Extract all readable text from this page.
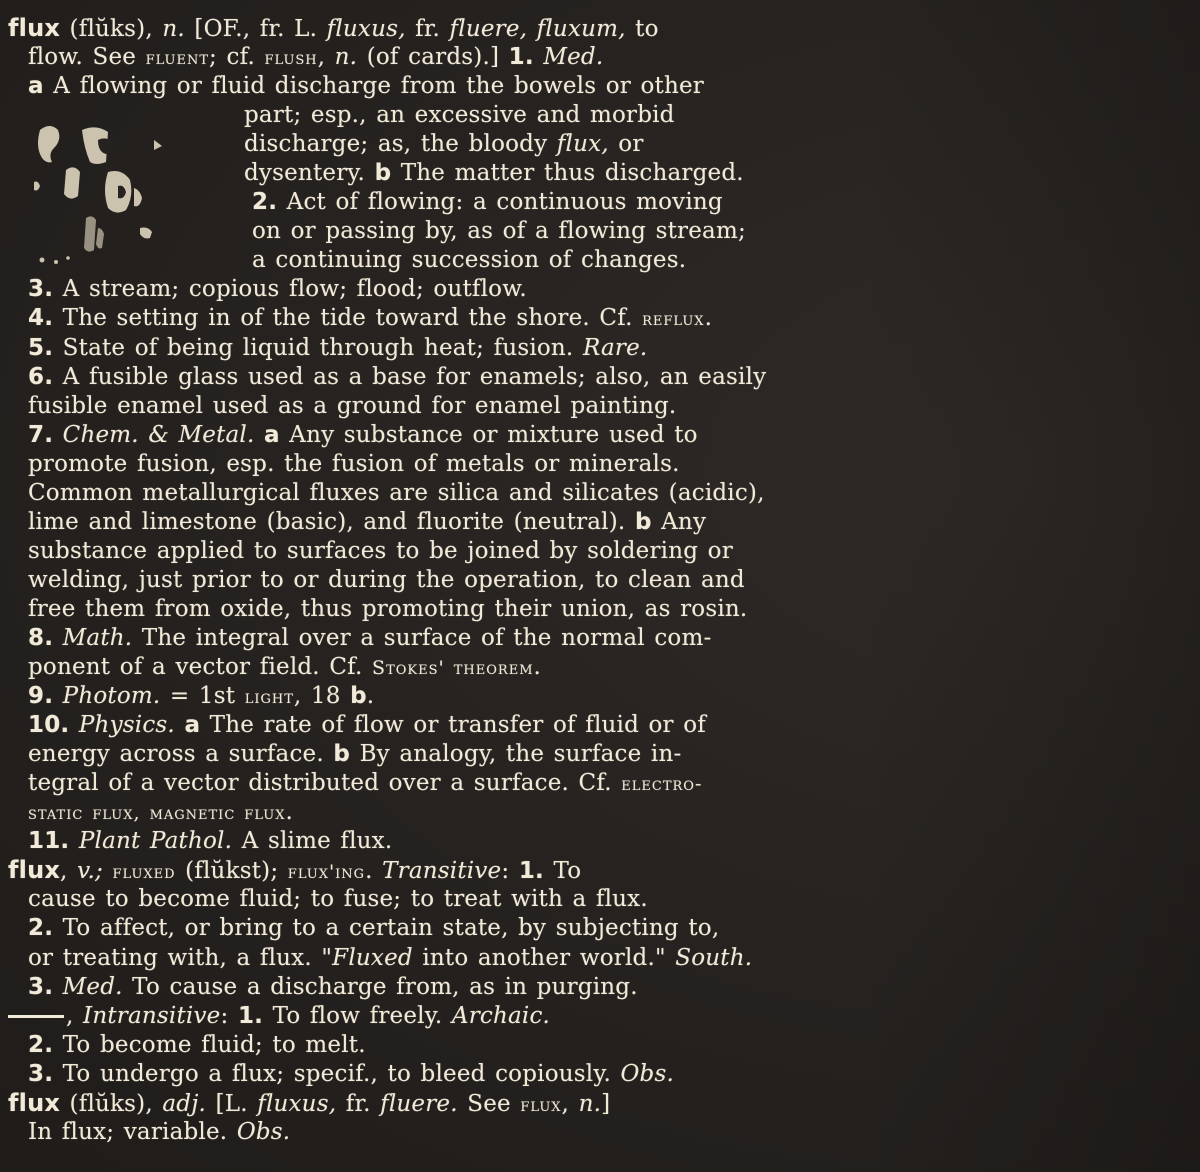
flux (flŭks), n. [OF., fr. L. fluxus, fr. fluere, fluxum, to
flow. See fluent; cf. flush, n. (of cards).] 1. Med.
a A flowing or fluid discharge from the bowels or other
part; esp., an excessive and morbid
discharge; as, the bloody flux, or
dysentery. b The matter thus discharged.
2. Act of flowing: a continuous moving
on or passing by, as of a flowing stream;
a continuing succession of changes.
3. A stream; copious flow; flood; outflow.
4. The setting in of the tide toward the shore. Cf. reflux.
5. State of being liquid through heat; fusion. Rare.
6. A fusible glass used as a base for enamels; also, an easily
fusible enamel used as a ground for enamel painting.
7. Chem. & Metal. a Any substance or mixture used to
promote fusion, esp. the fusion of metals or minerals.
Common metallurgical fluxes are silica and silicates (acidic),
lime and limestone (basic), and fluorite (neutral). b Any
substance applied to surfaces to be joined by soldering or
welding, just prior to or during the operation, to clean and
free them from oxide, thus promoting their union, as rosin.
8. Math. The integral over a surface of the normal com-
ponent of a vector field. Cf. Stokes' theorem.
9. Photom. = 1st light, 18 b.
10. Physics. a The rate of flow or transfer of fluid or of
energy across a surface. b By analogy, the surface in-
tegral of a vector distributed over a surface. Cf. electro-
static flux, magnetic flux.
11. Plant Pathol. A slime flux.
flux, v.; fluxed (flŭkst); flux'ing. Transitive: 1. To
cause to become fluid; to fuse; to treat with a flux.
2. To affect, or bring to a certain state, by subjecting to,
or treating with, a flux. "Fluxed into another world." South.
3. Med. To cause a discharge from, as in purging.
, Intransitive: 1. To flow freely. Archaic.
2. To become fluid; to melt.
3. To undergo a flux; specif., to bleed copiously. Obs.
flux (flŭks), adj. [L. fluxus, fr. fluere. See flux, n.]
In flux; variable. Obs.
